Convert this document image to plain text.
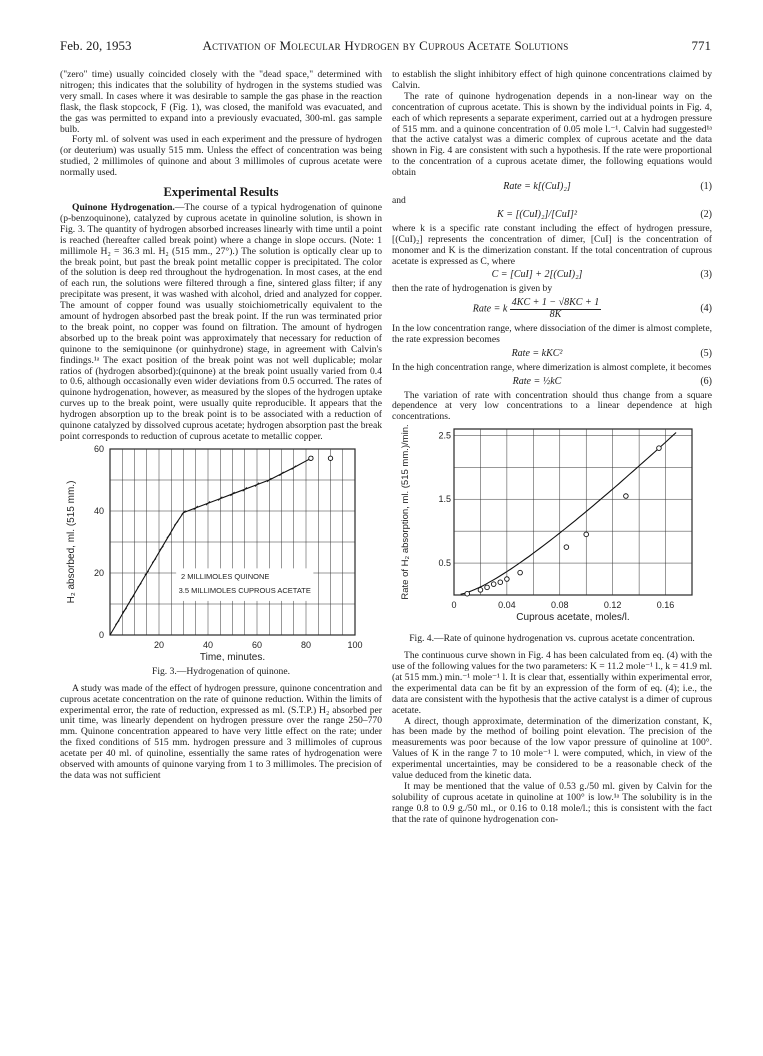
Feb. 20, 1953	Activation of Molecular Hydrogen by Cuprous Acetate Solutions	771

("zero" time) usually coincided closely with the "dead space," determined with nitrogen; this indicates that the solubility of hydrogen in the systems studied was very small. In cases where it was desirable to sample the gas phase in the reaction flask, the flask stopcock, F (Fig. 1), was closed, the manifold was evacuated, and the gas was permitted to expand into a previously evacuated, 300-ml. gas sample bulb.

Forty ml. of solvent was used in each experiment and the pressure of hydrogen (or deuterium) was usually 515 mm. Unless the effect of concentration was being studied, 2 millimoles of quinone and about 3 millimoles of cuprous acetate were normally used.

Experimental Results

Quinone Hydrogenation.—The course of a typical hydrogenation of quinone (p-benzoquinone), catalyzed by cuprous acetate in quinoline solution, is shown in Fig. 3. The quantity of hydrogen absorbed increases linearly with time until a point is reached (hereafter called break point) where a change in slope occurs. (Note: 1 millimole H₂ = 36.3 ml. H₂ (515 mm., 27°).) The solution is optically clear up to the break point, but past the break point metallic copper is precipitated. The color of the solution is deep red throughout the hydrogenation. In most cases, at the end of each run, the solutions were filtered through a fine, sintered glass filter; if any precipitate was present, it was washed with alcohol, dried and analyzed for copper. The amount of copper found was usually stoichiometrically equivalent to the amount of hydrogen absorbed past the break point. If the run was terminated prior to the break point, no copper was found on filtration. The amount of hydrogen absorbed up to the break point was approximately that necessary for reduction of quinone to the semiquinone (or quinhydrone) stage, in agreement with Calvin's findings.¹ᵃ The exact position of the break point was not well duplicable; molar ratios of (hydrogen absorbed):(quinone) at the break point usually varied from 0.4 to 0.6, although occasionally even wider deviations from 0.5 occurred. The rates of quinone hydrogenation, however, as measured by the slopes of the hydrogen uptake curves up to the break point, were usually quite reproducible. It appears that the hydrogen absorption up to the break point is to be associated with a reduction of quinone catalyzed by dissolved cuprous acetate; hydrogen absorption past the break point corresponds to reduction of cuprous acetate to metallic copper.

20	40	60	80	100
0
20
40
60
Time, minutes.
H₂ absorbed, ml. (515 mm.)	2 MILLIMOLES QUINONE
3.5 MILLIMOLES CUPROUS ACETATE
Fig. 3.—Hydrogenation of quinone.

A study was made of the effect of hydrogen pressure, quinone concentration and cuprous acetate concentration on the rate of quinone reduction. Within the limits of experimental error, the rate of reduction, expressed as ml. (S.T.P.) H₂ absorbed per unit time, was linearly dependent on hydrogen pressure over the range 250–770 mm. Quinone concentration appeared to have very little effect on the rate; under the fixed conditions of 515 mm. hydrogen pressure and 3 millimoles of cuprous acetate per 40 ml. of quinoline, essentially the same rates of hydrogenation were observed with amounts of quinone varying from 1 to 3 millimoles. The precision of the data was not sufficient

to establish the slight inhibitory effect of high quinone concentrations claimed by Calvin.

The rate of quinone hydrogenation depends in a non-linear way on the concentration of cuprous acetate. This is shown by the individual points in Fig. 4, each of which represents a separate experiment, carried out at a hydrogen pressure of 515 mm. and a quinone concentration of 0.05 mole l.⁻¹. Calvin had suggested¹ᵃ that the active catalyst was a dimeric complex of cuprous acetate and the data shown in Fig. 4 are consistent with such a hypothesis. If the rate were proportional to the concentration of a cuprous acetate dimer, the following equations would obtain

Rate = k[(CuI)₂]	(1)

and

K = [(CuI)₂]/[CuI]²	(2)

where k is a specific rate constant including the effect of hydrogen pressure, [(CuI)₂] represents the concentration of dimer, [CuI] is the concentration of monomer and K is the dimerization constant. If the total concentration of cuprous acetate is expressed as C, where

C = [CuI] + 2[(CuI)₂]	(3)

then the rate of hydrogenation is given by

Rate = k $\frac{4KC + 1 - √8KC + 1}{8K}$	(4)

In the low concentration range, where dissociation of the dimer is almost complete, the rate expression becomes

Rate = kKC²	(5)

In the high concentration range, where dimerization is almost complete, it becomes

Rate = ½kC	(6)

The variation of rate with concentration should thus change from a square dependence at very low concentrations to a linear dependence at high concentrations.

0	0.04	0.08	0.12	0.16
0.5
1.5
2.5
Cuprous acetate, moles/l.
Rate of H₂ absorption, ml. (515 mm.)/min.
Fig. 4.—Rate of quinone hydrogenation vs. cuprous acetate concentration.

The continuous curve shown in Fig. 4 has been calculated from eq. (4) with the use of the following values for the two parameters: K = 11.2 mole⁻¹ l., k = 41.9 ml. (at 515 mm.) min.⁻¹ mole⁻¹ l. It is clear that, essentially within experimental error, the experimental data can be fit by an expression of the form of eq. (4); i.e., the data are consistent with the hypothesis that the active catalyst is a dimer of cuprous acetate.

A direct, though approximate, determination of the dimerization constant, K, has been made by the method of boiling point elevation. The precision of the measurements was poor because of the low vapor pressure of quinoline at 100°. Values of K in the range 7 to 10 mole⁻¹ l. were computed, which, in view of the experimental uncertainties, may be considered to be a reasonable check of the value deduced from the kinetic data.

It may be mentioned that the value of 0.53 g./50 ml. given by Calvin for the solubility of cuprous acetate in quinoline at 100° is low.¹ᵃ The solubility is in the range 0.8 to 0.9 g./50 ml., or 0.16 to 0.18 mole/l.; this is consistent with the fact that the rate of quinone hydrogenation con-
